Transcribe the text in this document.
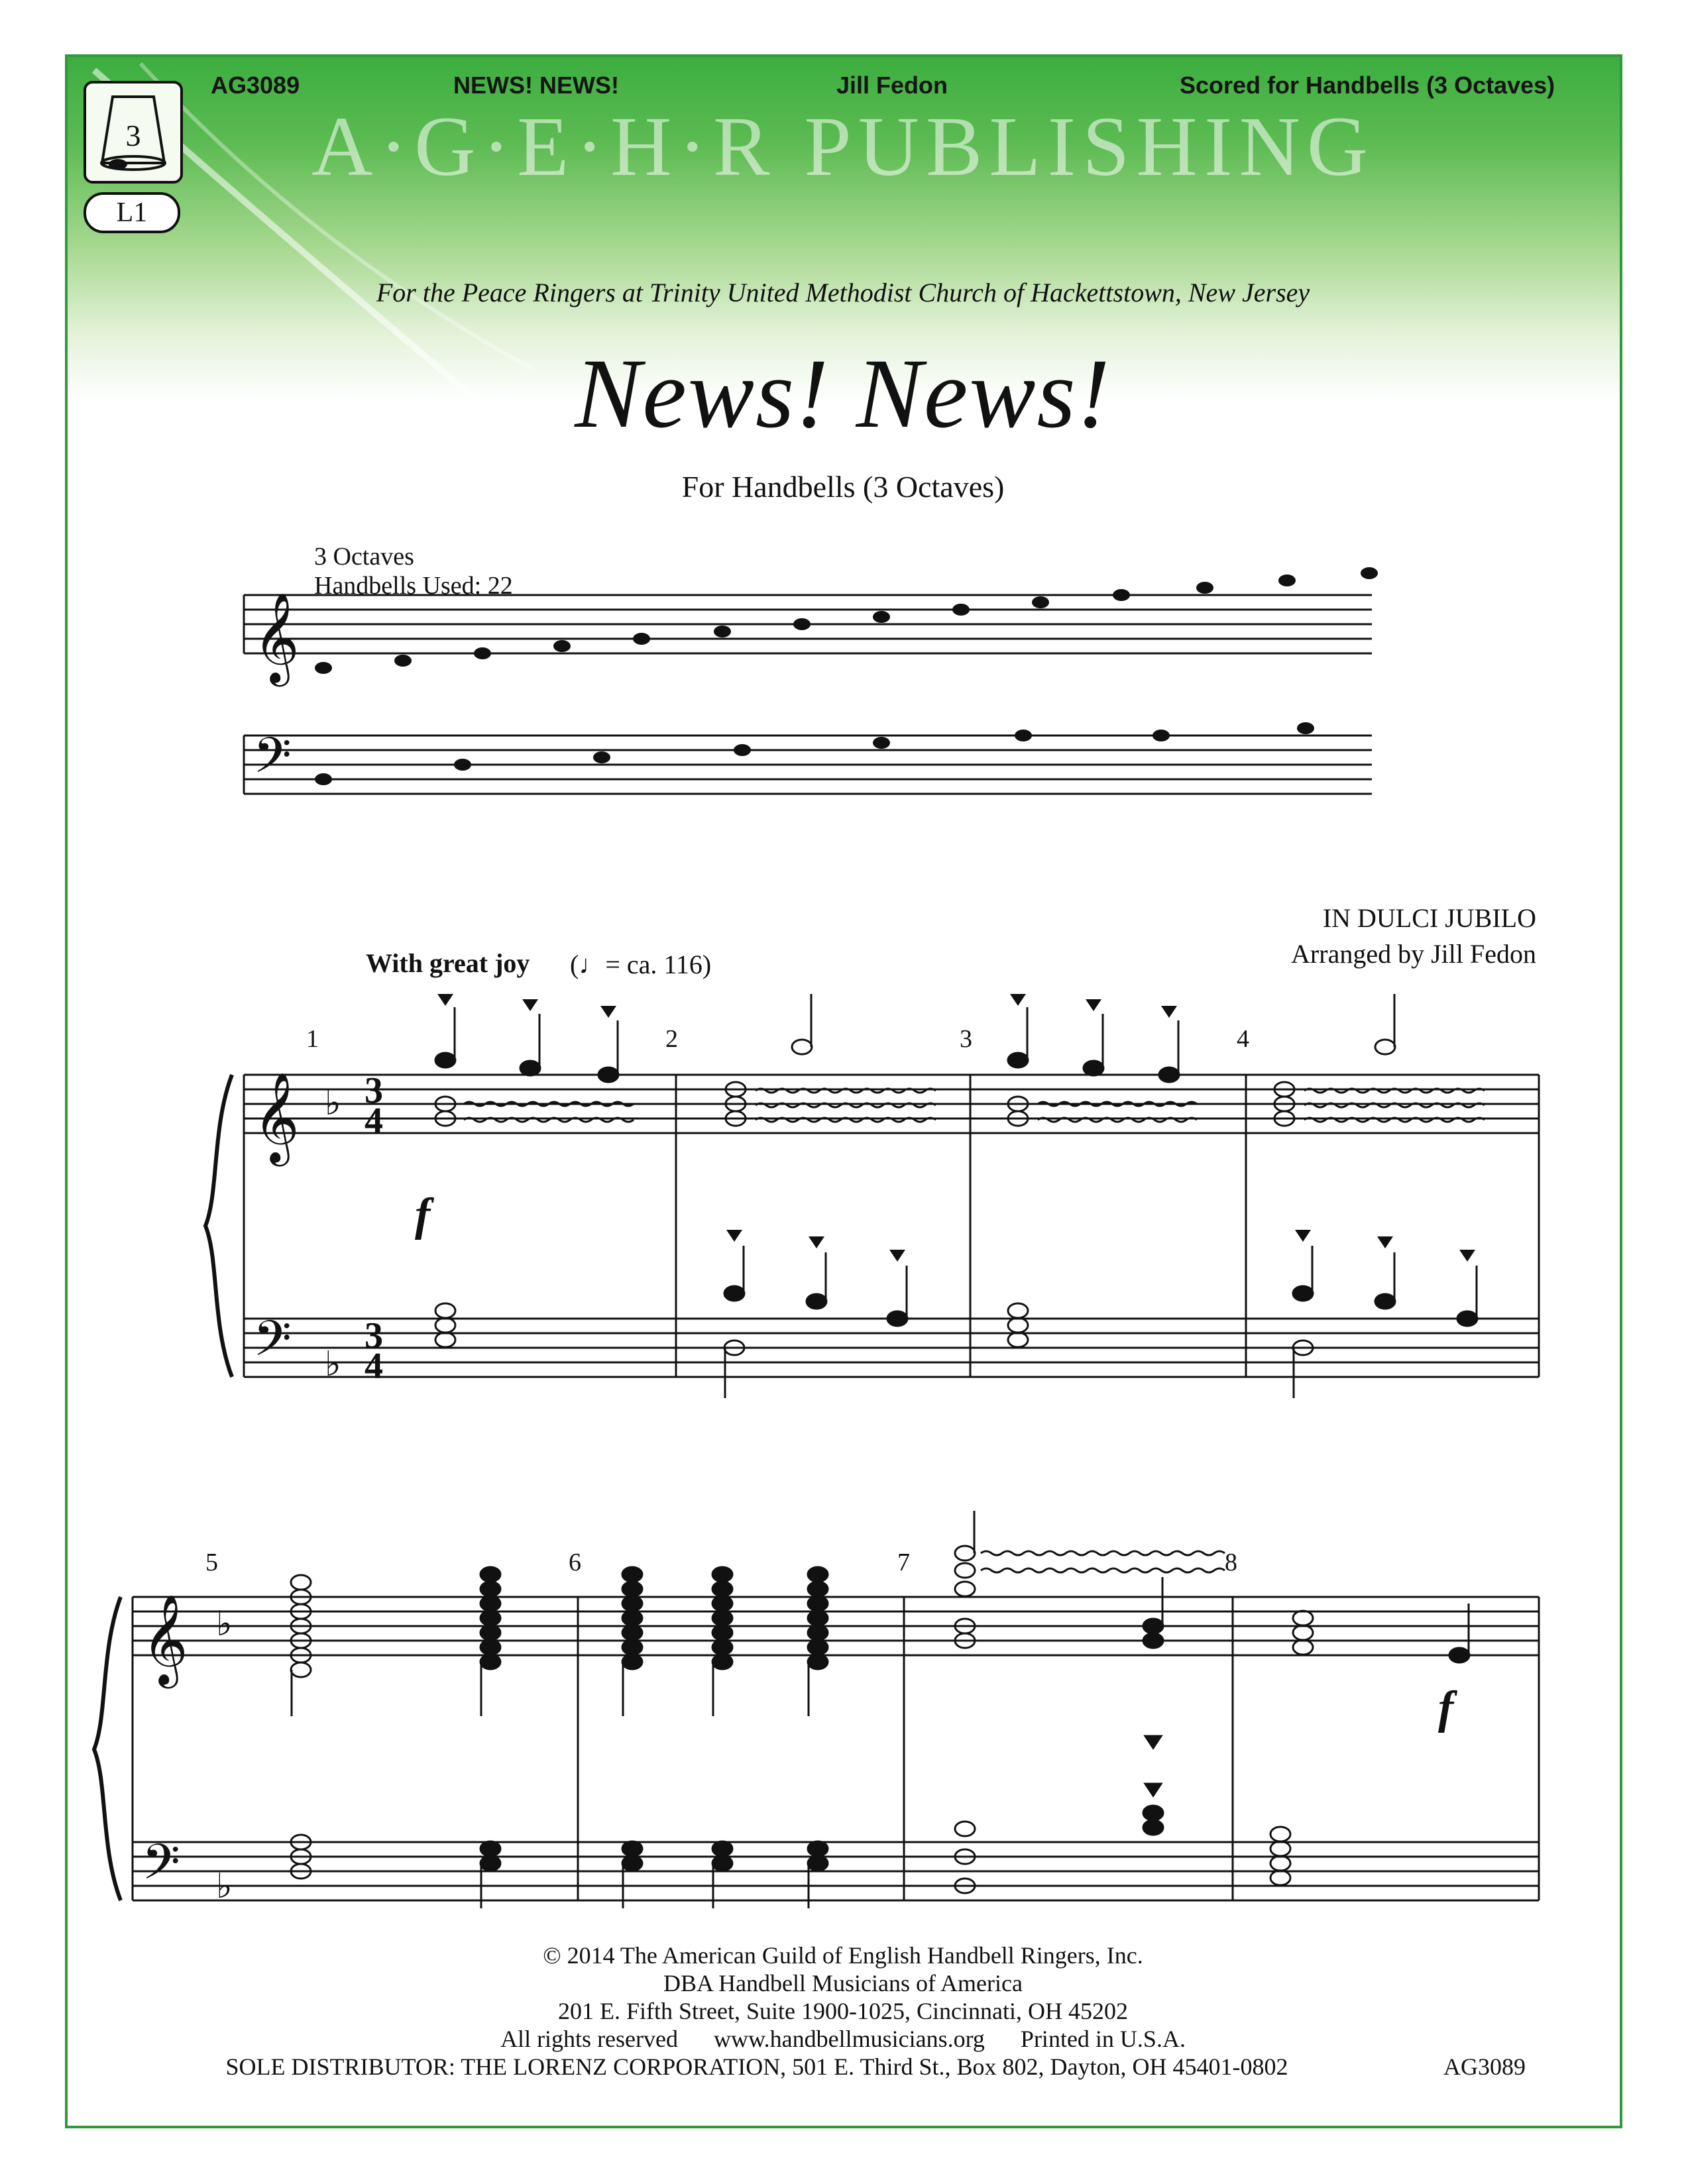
3
L1
AG3089	NEWS! NEWS!	Jill Fedon	Scored for Handbells (3 Octaves)
A·G·E·H·R PUBLISHING
For the Peace Ringers at Trinity United Methodist Church of Hackettstown, New Jersey
News! News!
For Handbells (3 Octaves)
3 Octaves
Handbells Used: 22
IN DULCI JUBILO
Arranged by Jill Fedon
With great joy (♩= ca. 116)
𝄞
𝄢
𝄞
𝄢
𝄞
𝄢
♭
♭
♭
♭
3
4
3
4
1	2	3	4
5	6	7	8
f
f
© 2014 The American Guild of English Handbell Ringers, Inc.
DBA Handbell Musicians of America
201 E. Fifth Street, Suite 1900-1025, Cincinnati, OH 45202
All rights reserved      www.handbellmusicians.org      Printed in U.S.A.
SOLE DISTRIBUTOR: THE LORENZ CORPORATION, 501 E. Third St., Box 802, Dayton, OH 45401-0802	AG3089
